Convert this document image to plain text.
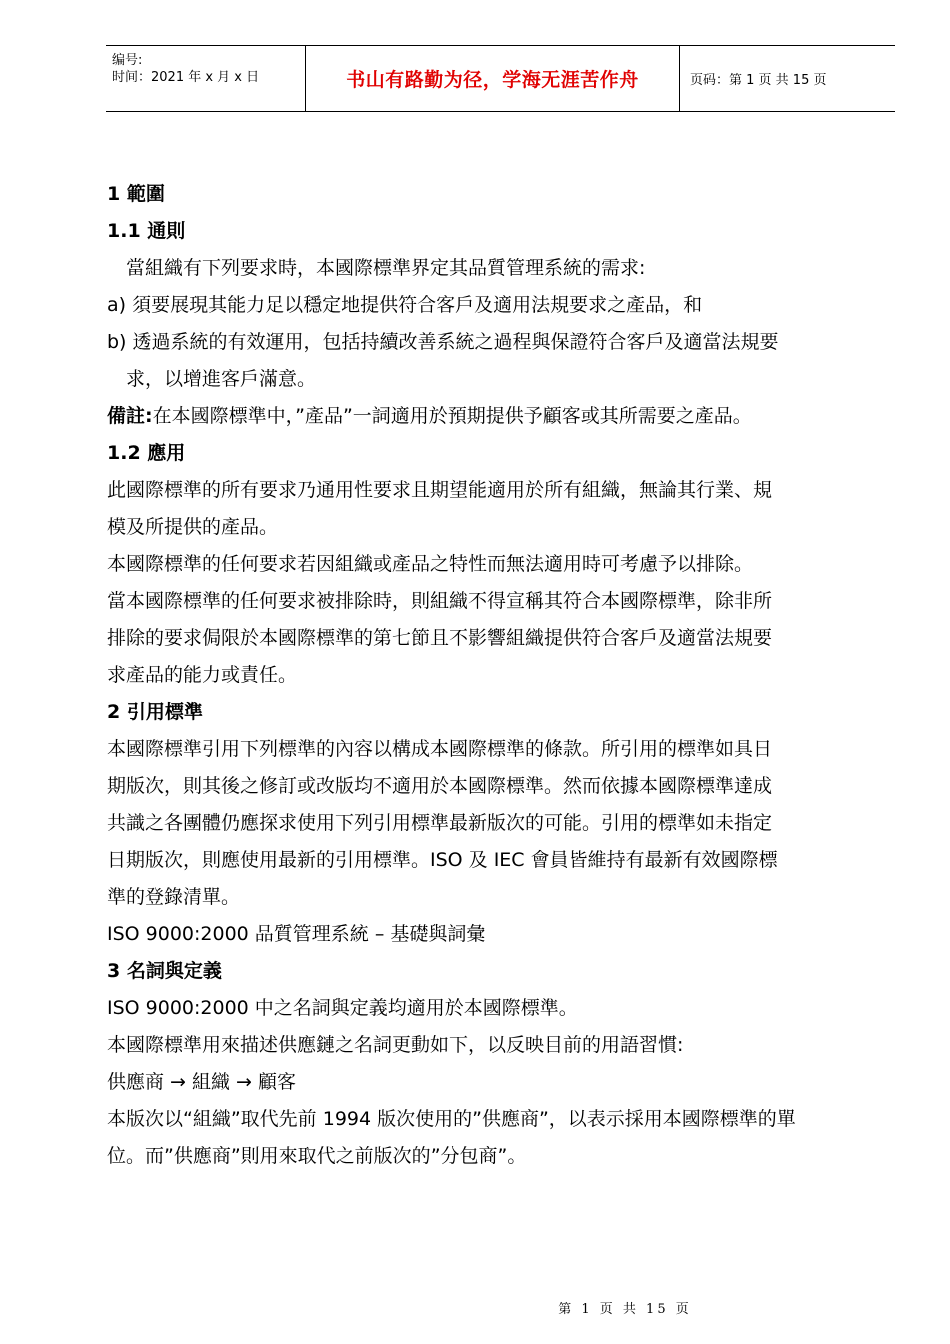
编号:
时间：2021 年 x 月 x 日	书山有路勤为径，学海无涯苦作舟	页码：第 1 页 共 15 页

1 範圍

1.1 通則

當組織有下列要求時，本國際標準界定其品質管理系統的需求:

a) 須要展現其能力足以穩定地提供符合客戶及適用法規要求之產品，和

b) 透過系統的有效運用，包括持續改善系統之過程與保證符合客戶及適當法規要

求，以增進客戶滿意。

備註:在本國際標準中，”產品”一詞適用於預期提供予顧客或其所需要之產品。

1.2 應用

此國際標準的所有要求乃通用性要求且期望能適用於所有組織，無論其行業、規

模及所提供的產品。

本國際標準的任何要求若因組織或產品之特性而無法適用時可考慮予以排除。

當本國際標準的任何要求被排除時，則組織不得宣稱其符合本國際標準，除非所

排除的要求侷限於本國際標準的第七節且不影響組織提供符合客戶及適當法規要

求產品的能力或責任。

2 引用標準

本國際標準引用下列標準的內容以構成本國際標準的條款。所引用的標準如具日

期版次，則其後之修訂或改版均不適用於本國際標準。然而依據本國際標準達成

共識之各團體仍應探求使用下列引用標準最新版次的可能。引用的標準如未指定

日期版次，則應使用最新的引用標準。ISO 及 IEC 會員皆維持有最新有效國際標

準的登錄清單。

ISO 9000:2000 品質管理系統 – 基礎與詞彙

3 名詞與定義

ISO 9000:2000 中之名詞與定義均適用於本國際標準。

本國際標準用來描述供應鏈之名詞更動如下，以反映目前的用語習慣:

供應商 → 組織 → 顧客

本版次以“組織”取代先前 1994 版次使用的”供應商”，以表示採用本國際標準的單

位。而”供應商”則用來取代之前版次的”分包商”。

第 1 页 共 15 页
